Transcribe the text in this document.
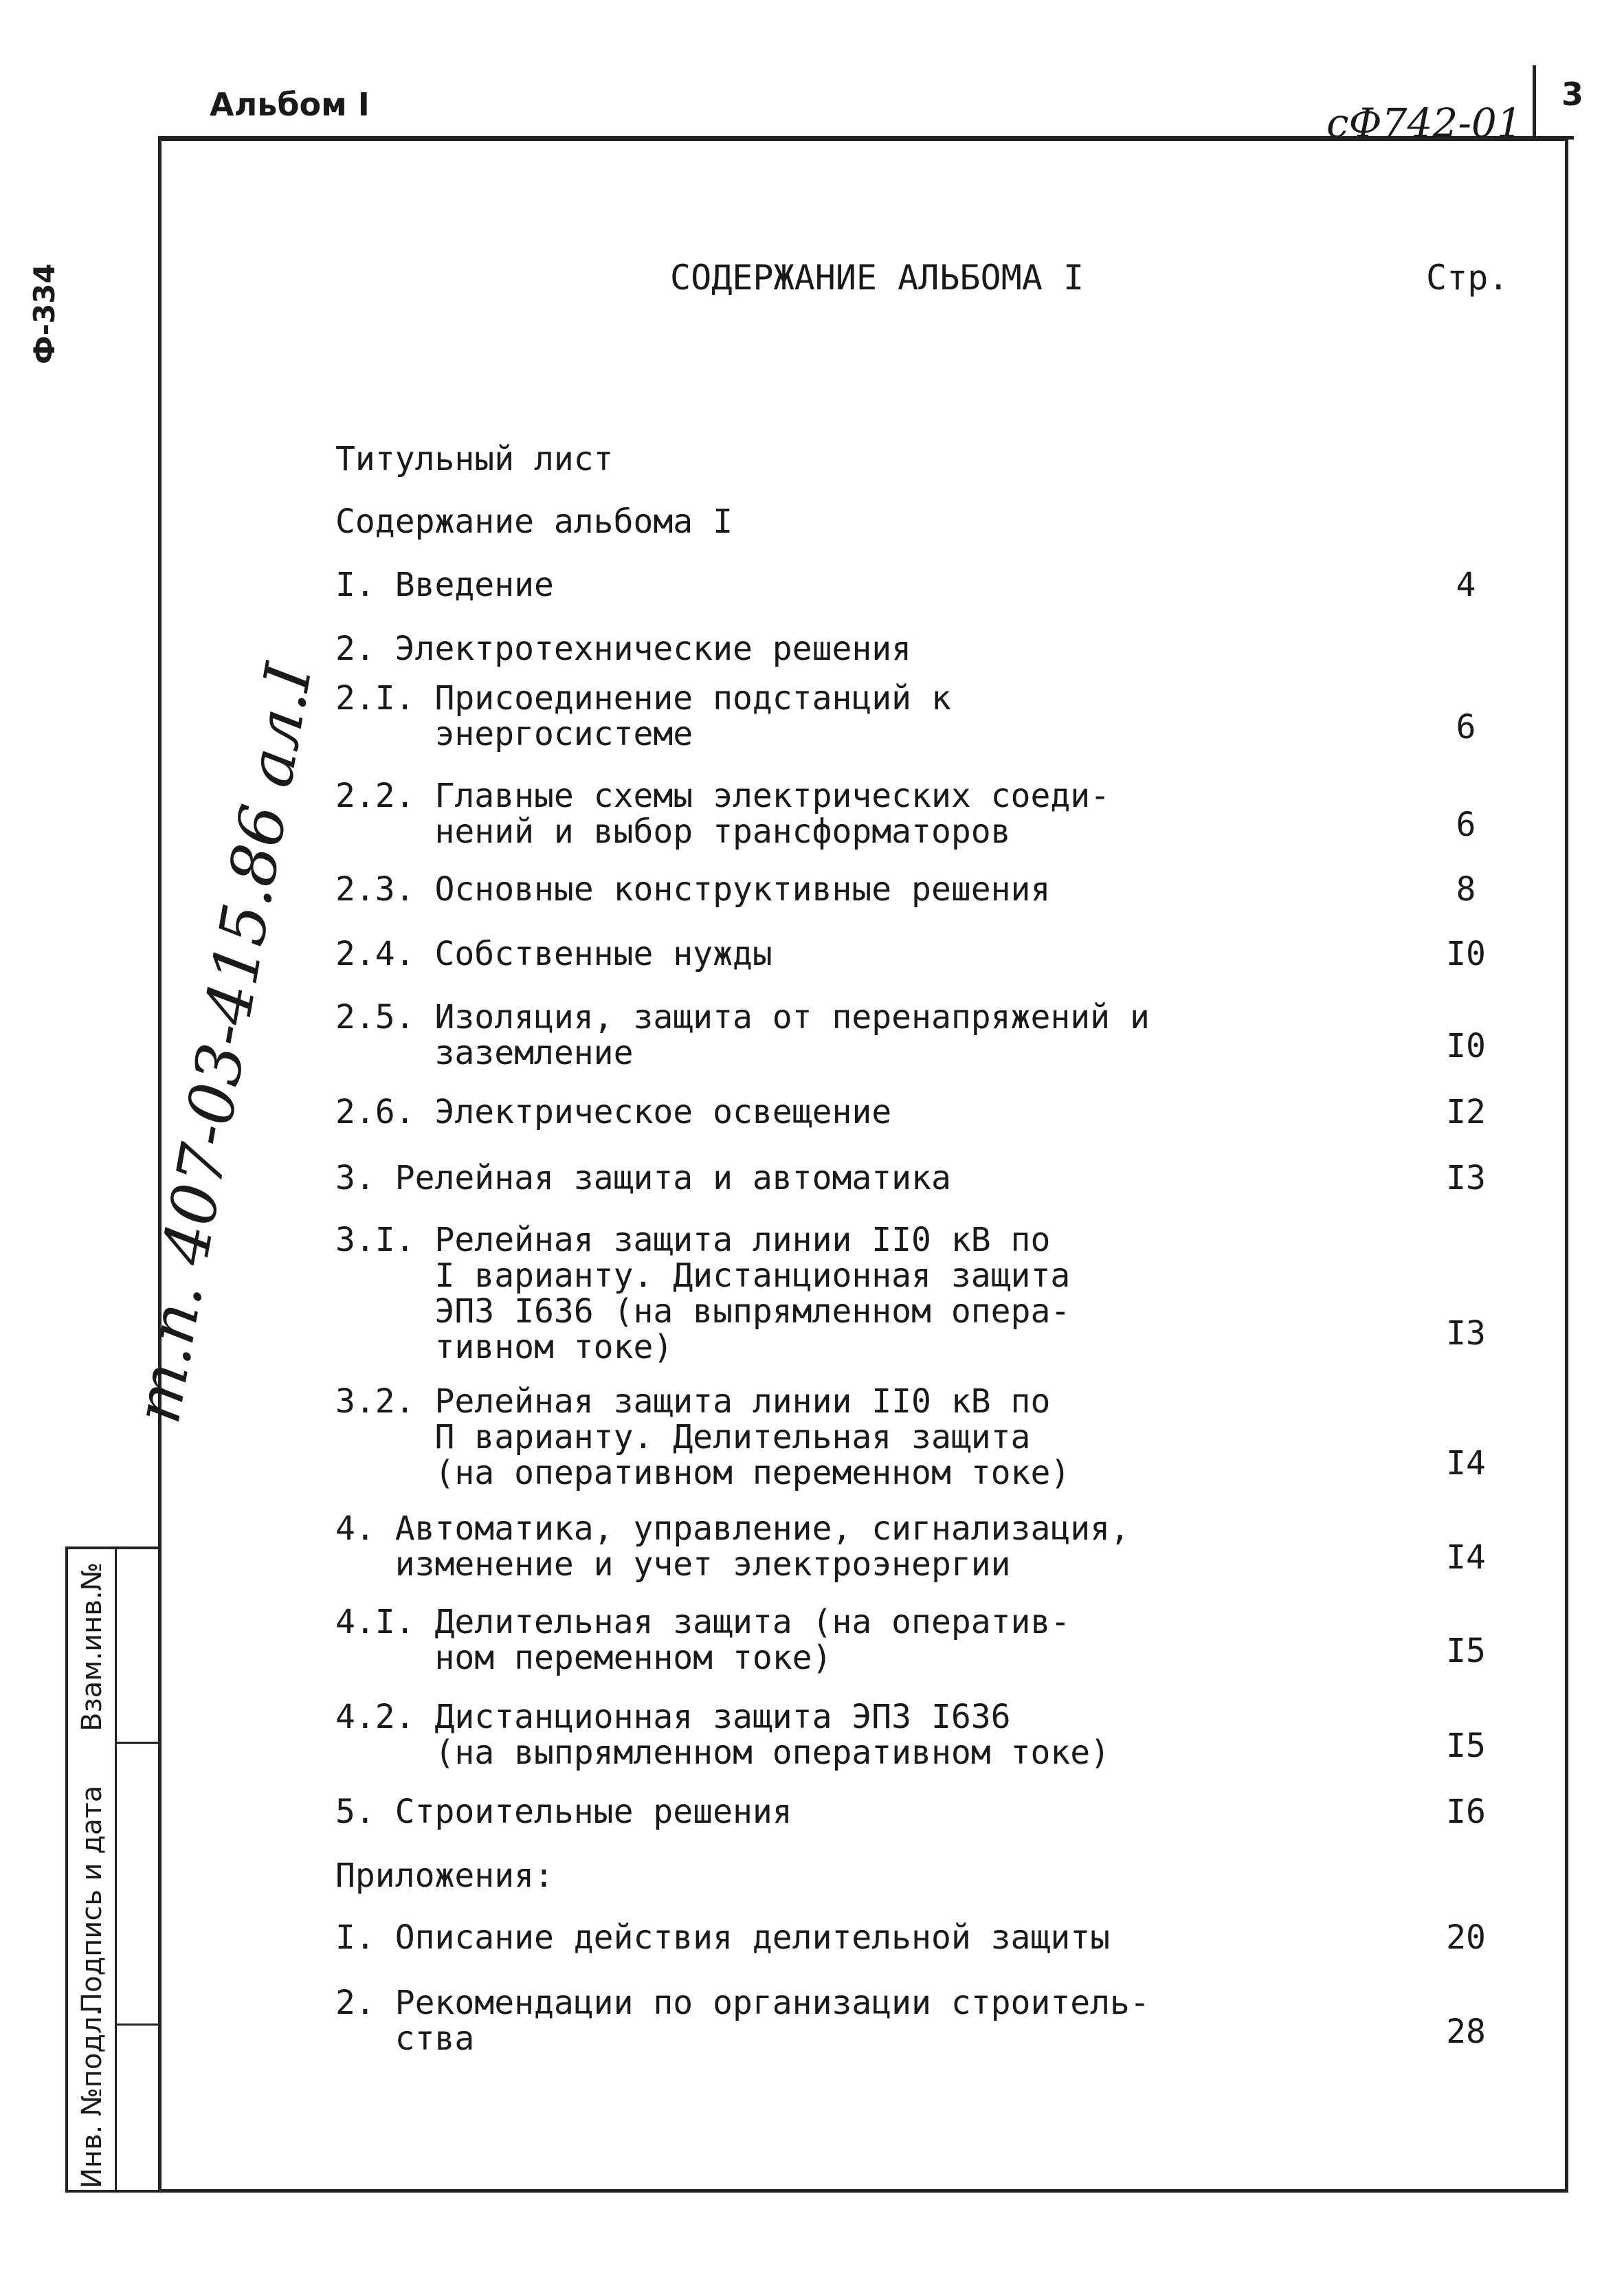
Альбом I	сФ742-01
3
Ф-334
т.п. 407-03-415.86 ал.I
Взам.инв.№
Подпись и дата
Инв. №подл.
СОДЕРЖАНИЕ АЛЬБОМА I	Стр.
Титульный лист
Содержание альбома I
I. Введение	4
2. Электротехнические решения
2.I. Присоединение подстанций к
энергосистеме	6
2.2. Главные схемы электрических соеди-
нений и выбор трансформаторов	6
2.3. Основные конструктивные решения	8
2.4. Собственные нужды	I0
2.5. Изоляция, защита от перенапряжений и
заземление	I0
2.6. Электрическое освещение	I2
3. Релейная защита и автоматика	I3
3.I. Релейная защита линии II0 кВ по
I варианту. Дистанционная защита
ЭПЗ I636 (на выпрямленном опера-
тивном токе)	I3
3.2. Релейная защита линии II0 кВ по
П варианту. Делительная защита
(на оперативном переменном токе)	I4
4. Автоматика, управление, сигнализация,
изменение и учет электроэнергии	I4
4.I. Делительная защита (на оператив-
ном переменном токе)	I5
4.2. Дистанционная защита ЭПЗ I636
(на выпрямленном оперативном токе)	I5
5. Строительные решения	I6
Приложения:
I. Описание действия делительной защиты	20
2. Рекомендации по организации строитель-
ства	28
